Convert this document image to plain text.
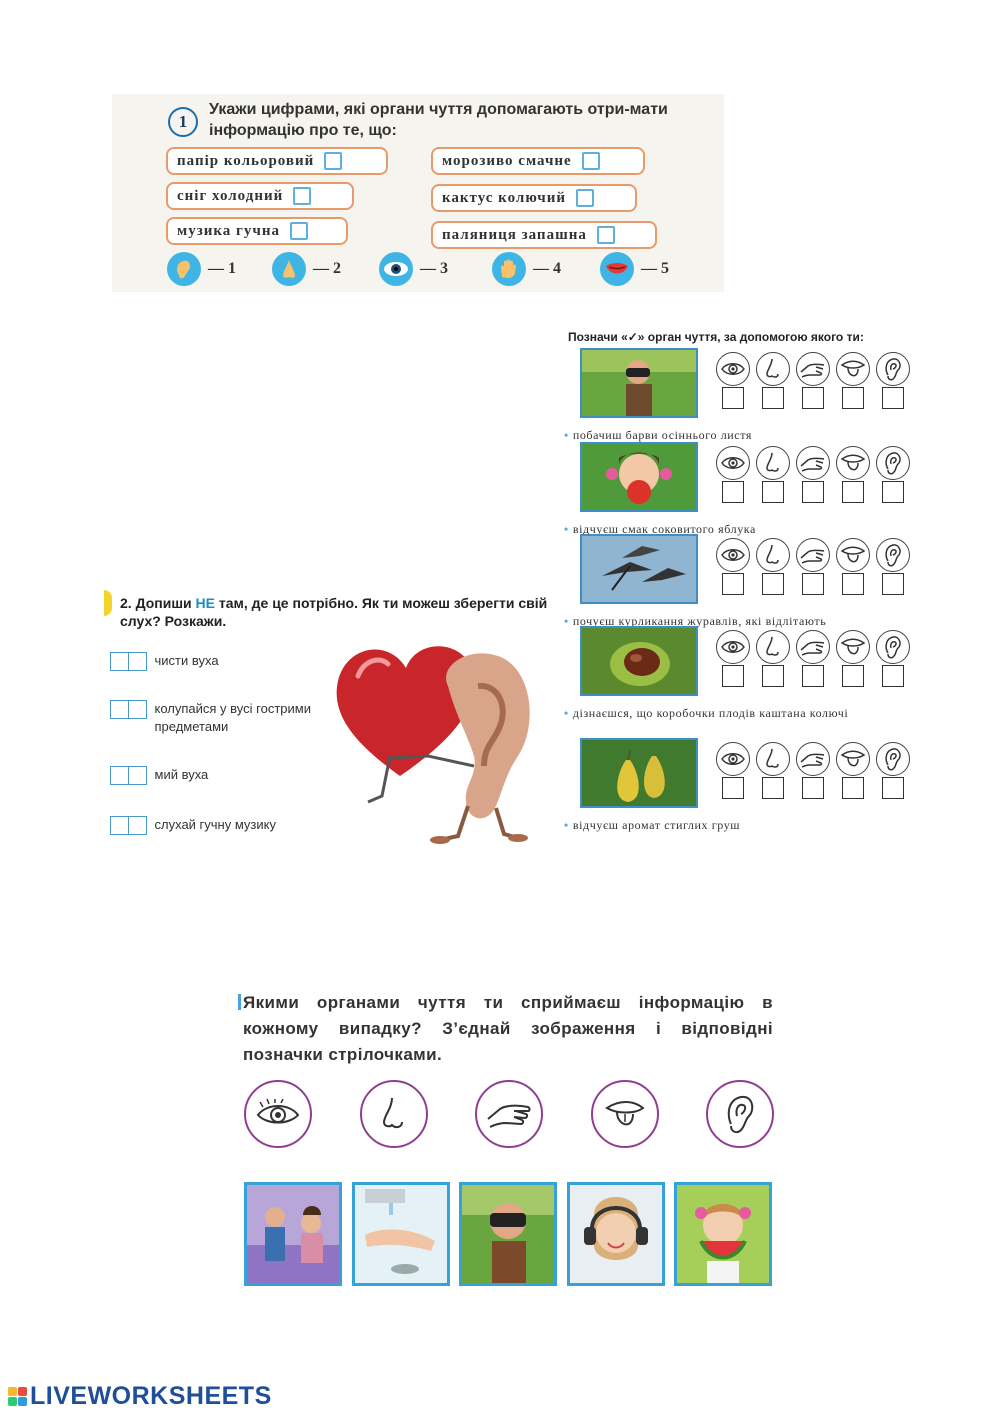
1
Укажи цифрами, які органи чуття допомагають отри-мати інформацію про те, що:
папір кольоровий	морозиво смачне
сніг холодний	кактус колючий
музика гучна	паляниця запашна
— 1	— 2	— 3	— 4	— 5
Позначи «✓» орган чуття, за допомогою якого ти:
• побачиш барви осіннього листя
• відчуєш смак соковитого яблука
• почуєш курликання журавлів, які відлітають
• дізнаєшся, що коробочки плодів каштана колючі
• відчуєш аромат стиглих груш
2. Допиши НЕ там, де це потрібно. Як ти можеш зберегти свій слух? Розкажи.
чисти вуха
колупайся у вусі гострими предметами
мий вуха
слухай гучну музику
Якими органами чуття ти сприймаєш інформацію в кожному випадку? З’єднай зображення і відповідні позначки стрілочками.
LIVEWORKSHEETS
